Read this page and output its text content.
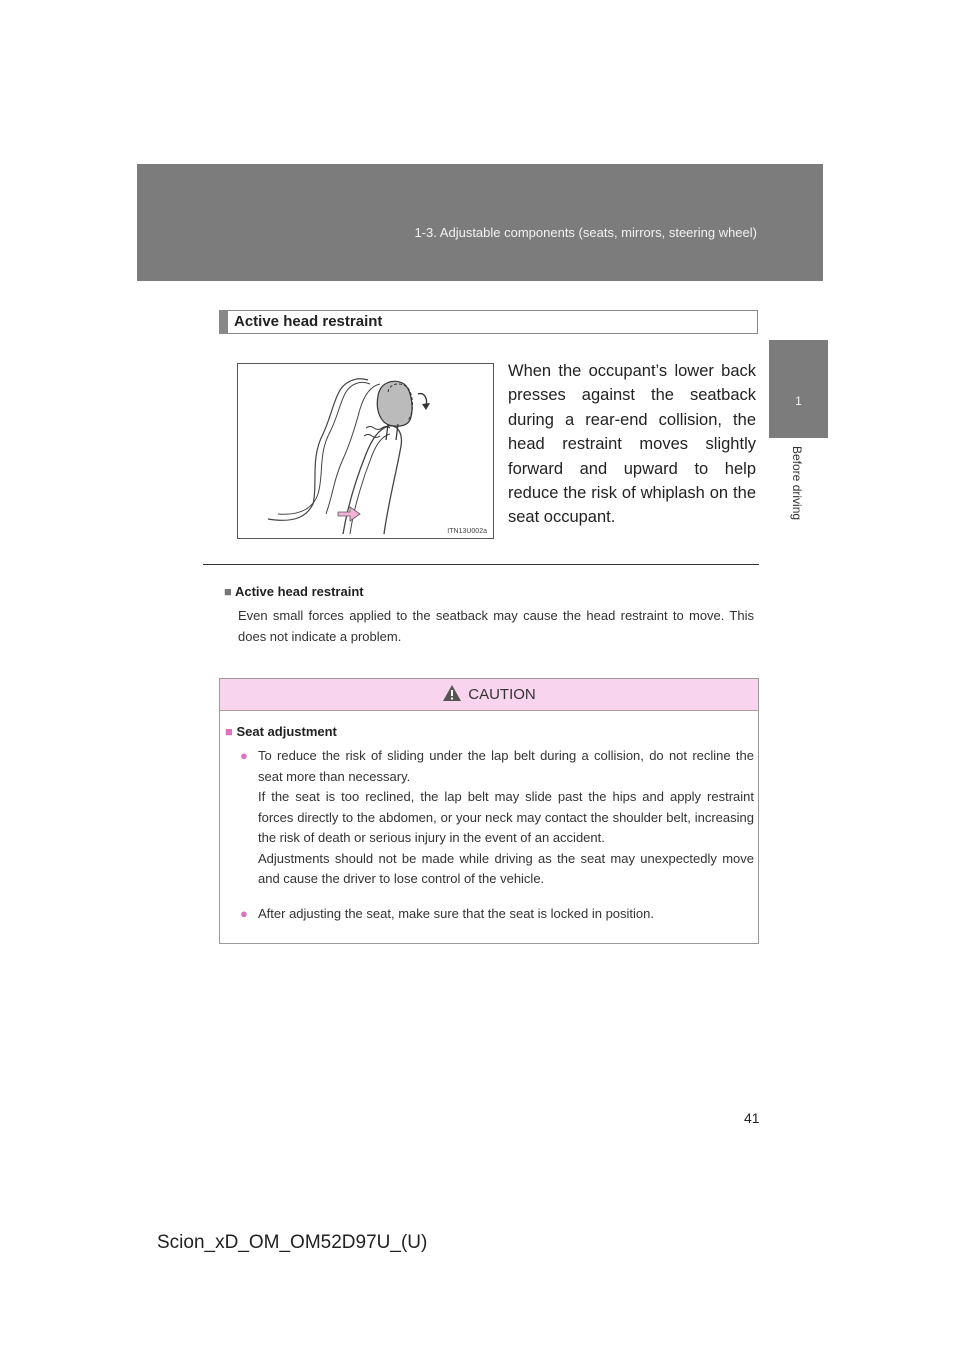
1-3. Adjustable components (seats, mirrors, steering wheel)
1
Before driving
Active head restraint
ITN13U002a
When the occupant’s lower back presses against the seatback during a rear-end collision, the head restraint moves slightly forward and upward to help reduce the risk of whiplash on the seat occupant.
■ Active head restraint
Even small forces applied to the seatback may cause the head restraint to move. This does not indicate a problem.
CAUTION
■ Seat adjustment
● To reduce the risk of sliding under the lap belt during a collision, do not recline the seat more than necessary.
If the seat is too reclined, the lap belt may slide past the hips and apply restraint forces directly to the abdomen, or your neck may contact the shoulder belt, increasing the risk of death or serious injury in the event of an accident.
Adjustments should not be made while driving as the seat may unexpectedly move and cause the driver to lose control of the vehicle.
● After adjusting the seat, make sure that the seat is locked in position.
41
Scion_xD_OM_OM52D97U_(U)
